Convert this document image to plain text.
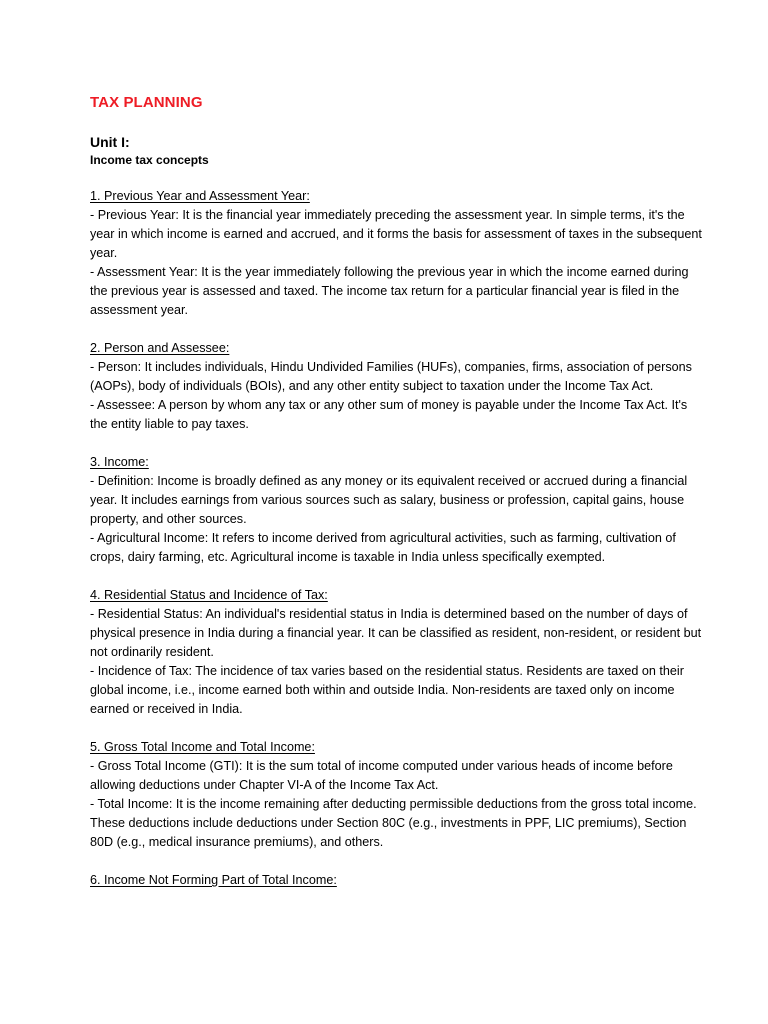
TAX PLANNING

Unit I:

Income tax concepts

1. Previous Year and Assessment Year:

- Previous Year: It is the financial year immediately preceding the assessment year. In simple terms, it's the year in which income is earned and accrued, and it forms the basis for assessment of taxes in the subsequent year.

- Assessment Year: It is the year immediately following the previous year in which the income earned during the previous year is assessed and taxed. The income tax return for a particular financial year is filed in the assessment year.

2. Person and Assessee:

- Person: It includes individuals, Hindu Undivided Families (HUFs), companies, firms, association of persons (AOPs), body of individuals (BOIs), and any other entity subject to taxation under the Income Tax Act.

- Assessee: A person by whom any tax or any other sum of money is payable under the Income Tax Act. It's the entity liable to pay taxes.

3. Income:

- Definition: Income is broadly defined as any money or its equivalent received or accrued during a financial year. It includes earnings from various sources such as salary, business or profession, capital gains, house property, and other sources.

- Agricultural Income: It refers to income derived from agricultural activities, such as farming, cultivation of crops, dairy farming, etc. Agricultural income is taxable in India unless specifically exempted.

4. Residential Status and Incidence of Tax:

- Residential Status: An individual's residential status in India is determined based on the number of days of physical presence in India during a financial year. It can be classified as resident, non-resident, or resident but not ordinarily resident.

- Incidence of Tax: The incidence of tax varies based on the residential status. Residents are taxed on their global income, i.e., income earned both within and outside India. Non-residents are taxed only on income earned or received in India.

5. Gross Total Income and Total Income:

- Gross Total Income (GTI): It is the sum total of income computed under various heads of income before allowing deductions under Chapter VI-A of the Income Tax Act.

- Total Income: It is the income remaining after deducting permissible deductions from the gross total income. These deductions include deductions under Section 80C (e.g., investments in PPF, LIC premiums), Section 80D (e.g., medical insurance premiums), and others.

6. Income Not Forming Part of Total Income:
